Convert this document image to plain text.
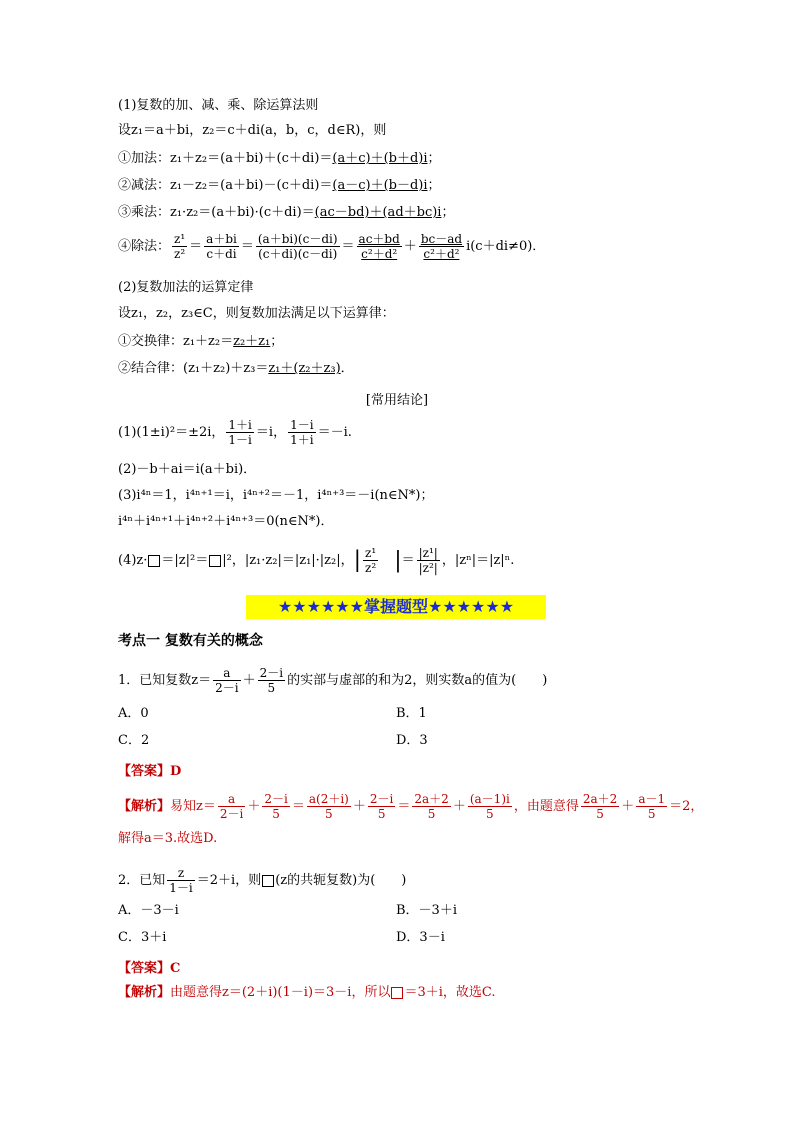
(1)复数的加、减、乘、除运算法则
设z₁＝a＋bi，z₂＝c＋di(a，b，c，d∈R)，则
①加法：z₁＋z₂＝(a＋bi)＋(c＋di)＝(a＋c)＋(b＋d)i；
②减法：z₁－z₂＝(a＋bi)－(c＋di)＝(a－c)＋(b－d)i；
③乘法：z₁·z₂＝(a＋bi)·(c＋di)＝(ac－bd)＋(ad＋bc)i；
④除法： $\frac{\text{z¹}}{\text{z²}} = \frac{a+bi}{c+di} = \frac{(a+bi)(c-di)}{(c+di)(c-di)} = \frac{ac+bd}{\text{c²＋d²}} + \frac{bc-ad}{\text{c²＋d²}} i(c+di\ne 0)$．
(2)复数加法的运算定律
设z₁，z₂，z₃∈C，则复数加法满足以下运算律：
①交换律：z₁＋z₂＝z₂＋z₁；
②结合律：(z₁＋z₂)＋z₃＝z₁＋(z₂＋z₃)．
[常用结论]
(1)(1±i)²＝±2i， $\frac{1+i}{1-i} =i$， $\frac{1-i}{1+i} =-i$.
(2)－b＋ai＝i(a＋bi)．
(3)i⁴ⁿ＝1，i⁴ⁿ⁺¹＝i，i⁴ⁿ⁺²＝－1，i⁴ⁿ⁺³＝－i(n∈N*)；
i⁴ⁿ＋i⁴ⁿ⁺¹＋i⁴ⁿ⁺²＋i⁴ⁿ⁺³＝0(n∈N*)．
(4)z· ＝|z|²＝ |²，|z₁·z₂|＝|z₁|·|z₂|，| $\frac{\text{z¹}}{\text{z²}}$ |＝ $\frac{\text{|z¹|}}{\text{|z²|}}$ ，|zⁿ|＝|z|ⁿ.
★★★★★★掌握题型★★★★★★
考点一 复数有关的概念
1．已知复数$z= \frac{a}{2-i} + \frac{2-i}{5}$ 的实部与虚部的和为2，则实数a的值为(　　)
A．0	B．1
C．2	D．3
【答案】D
【解析】易知$z= \frac{a}{2-i} + \frac{2-i}{5} = \frac{a(2+i)}{5} + \frac{2-i}{5} = \frac{2a+2}{5} + \frac{(a-1)i}{5}$ ，由题意得 $\frac{2a+2}{5} + \frac{a-1}{5} =2$，
解得a＝3.故选D.
2．已知 $\frac{z}{1-i} =2+i$，则 (z的共轭复数)为(　　)
A．－3－i	B．－3＋i
C．3＋i	D．3－i
【答案】C
【解析】由题意得z＝(2＋i)(1－i)＝3－i，所以 ＝3＋i，故选C.
